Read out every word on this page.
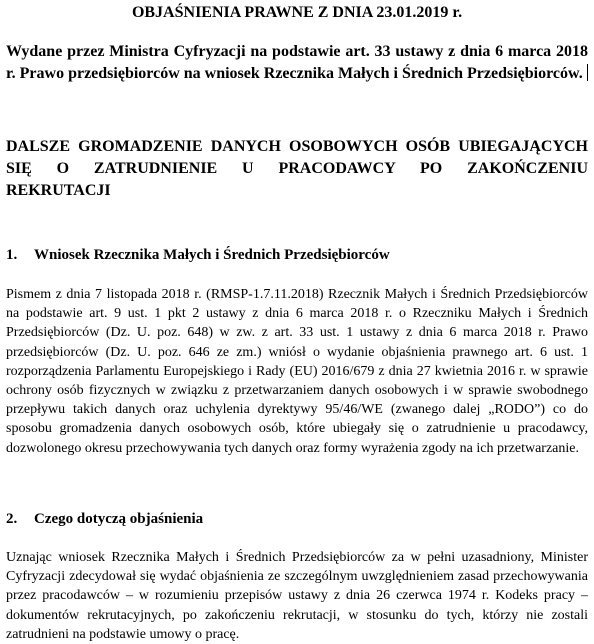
OBJAŚNIENIA PRAWNE Z DNIA 23.01.2019 r.
Wydane przez Ministra Cyfryzacji na podstawie art. 33 ustawy z dnia 6 marca 2018 r. Prawo przedsiębiorców na wniosek Rzecznika Małych i Średnich Przedsiębiorców.
DALSZE GROMADZENIE DANYCH OSOBOWYCH OSÓB UBIEGAJĄCYCH SIĘ O ZATRUDNIENIE U PRACODAWCY PO ZAKOŃCZENIU REKRUTACJI
1. Wniosek Rzecznika Małych i Średnich Przedsiębiorców
Pismem z dnia 7 listopada 2018 r. (RMSP-1.7.11.2018) Rzecznik Małych i Średnich Przedsiębiorców na podstawie art. 9 ust. 1 pkt 2 ustawy z dnia 6 marca 2018 r. o Rzeczniku Małych i Średnich Przedsiębiorców (Dz. U. poz. 648) w zw. z art. 33 ust. 1 ustawy z dnia 6 marca 2018 r. Prawo przedsiębiorców (Dz. U. poz. 646 ze zm.) wniósł o wydanie objaśnienia prawnego art. 6 ust. 1 rozporządzenia Parlamentu Europejskiego i Rady (EU) 2016/679 z dnia 27 kwietnia 2016 r. w sprawie ochrony osób fizycznych w związku z przetwarzaniem danych osobowych i w sprawie swobodnego przepływu takich danych oraz uchylenia dyrektywy 95/46/WE (zwanego dalej „RODO”) co do sposobu gromadzenia danych osobowych osób, które ubiegały się o zatrudnienie u pracodawcy, dozwolonego okresu przechowywania tych danych oraz formy wyrażenia zgody na ich przetwarzanie.
2. Czego dotyczą objaśnienia
Uznając wniosek Rzecznika Małych i Średnich Przedsiębiorców za w pełni uzasadniony, Minister Cyfryzacji zdecydował się wydać objaśnienia ze szczególnym uwzględnieniem zasad przechowywania przez pracodawców – w rozumieniu przepisów ustawy z dnia 26 czerwca 1974 r. Kodeks pracy – dokumentów rekrutacyjnych, po zakończeniu rekrutacji, w stosunku do tych, którzy nie zostali zatrudnieni na podstawie umowy o pracę.
